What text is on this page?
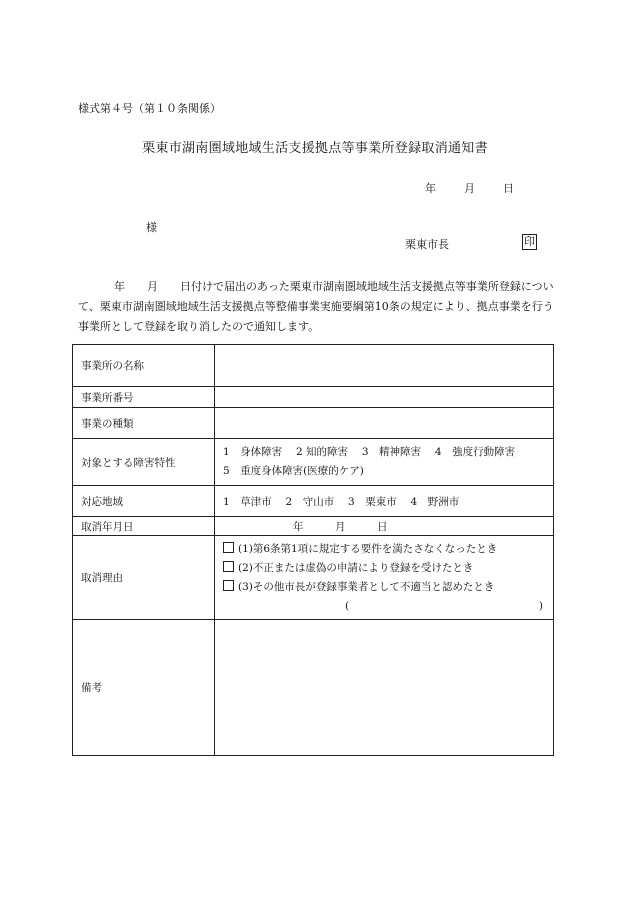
様式第４号（第１０条関係）
栗東市湖南圏域地域生活支援拠点等事業所登録取消通知書
年	月	日
様
栗東市長	印
年　　月　　日付けで届出のあった栗東市湖南圏域地域生活支援拠点等事業所登録について、栗東市湖南圏域地域生活支援拠点等整備事業実施要綱第10条の規定により、拠点事業を行う事業所として登録を取り消したので通知します。
事業所の名称	
事業所番号	
事業の種類	
対象とする障害特性	1　身体障害　 2 知的障害　 3　精神障害　 4　強度行動障害
5　重度身体障害(医療的ケア)

対応地域	1　草津市　 2　守山市　 3　栗東市　 4　野洲市
取消年月日	年　　　月　　　日
取消理由	(1)第6条第1項に規定する要件を満たさなくなったとき
(2)不正または虚偽の申請により登録を受けたとき
(3)その他市長が登録事業者として不適当と認めたとき
( )

備考	
